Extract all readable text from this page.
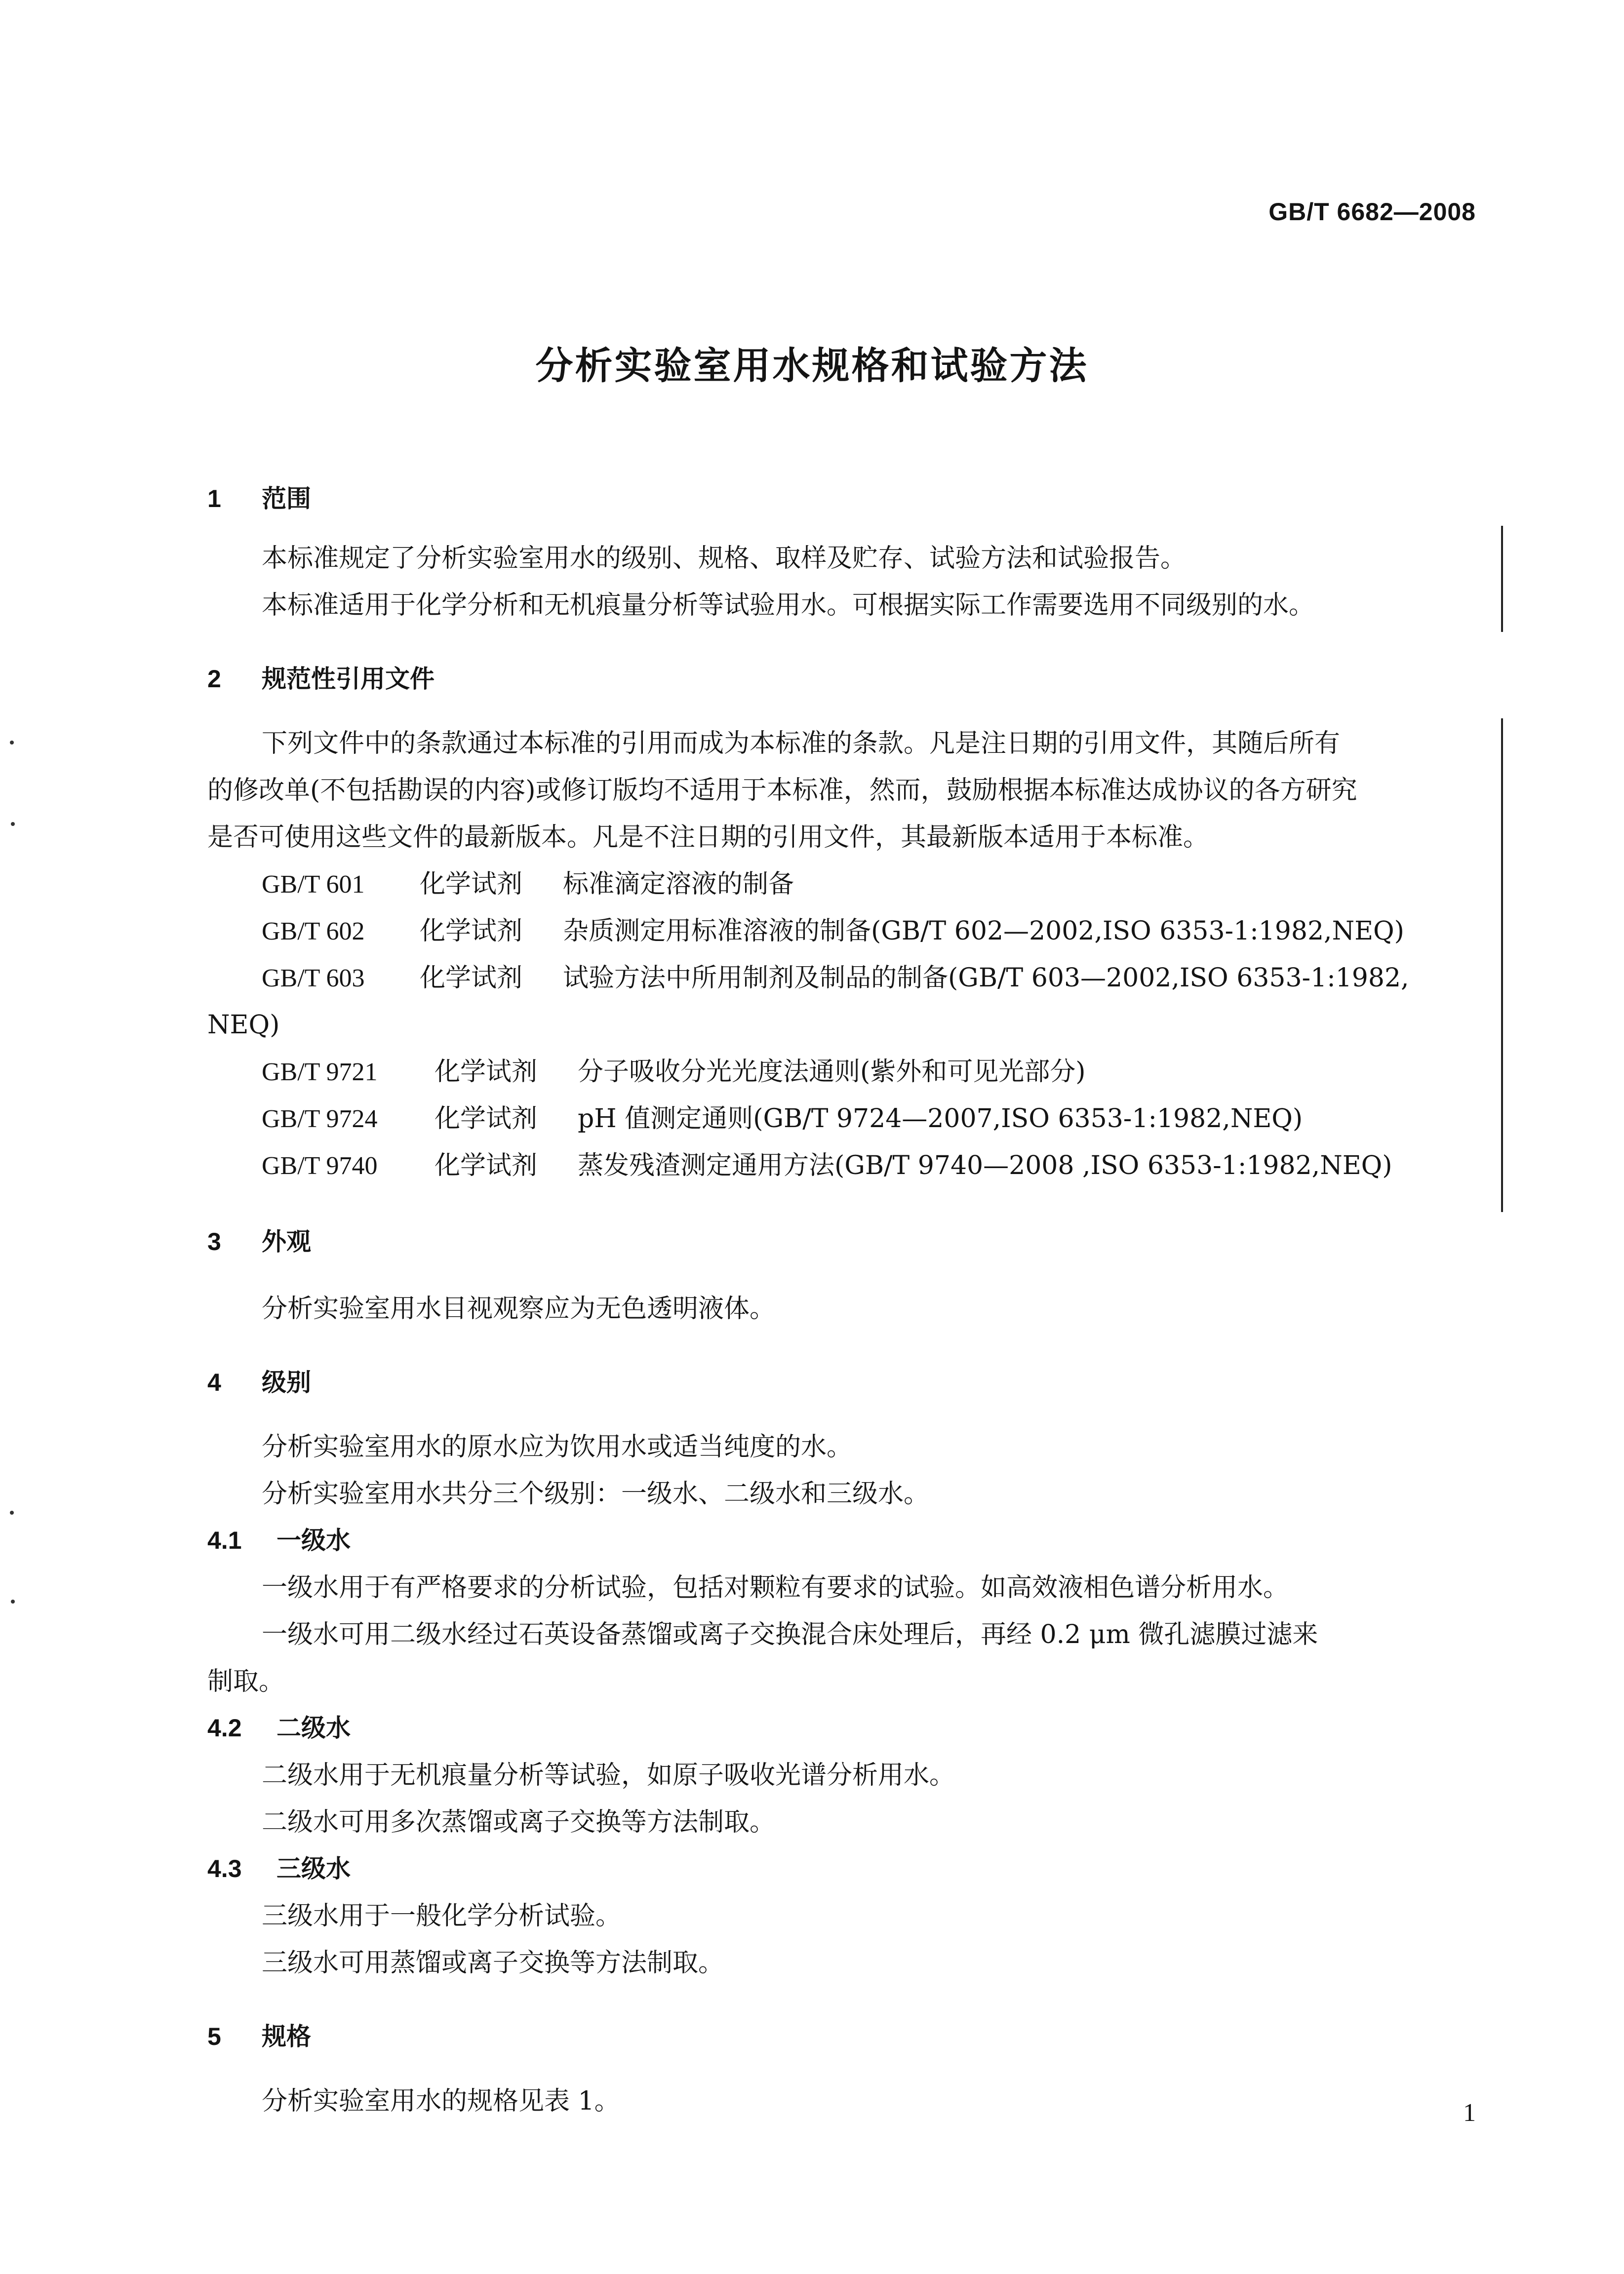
GB/T 6682—2008
分析实验室用水规格和试验方法
1 范围
本标准规定了分析实验室用水的级别、规格、取样及贮存、试验方法和试验报告。
本标准适用于化学分析和无机痕量分析等试验用水。可根据实际工作需要选用不同级别的水。
2 规范性引用文件
下列文件中的条款通过本标准的引用而成为本标准的条款。凡是注日期的引用文件，其随后所有
的修改单(不包括勘误的内容)或修订版均不适用于本标准，然而，鼓励根据本标准达成协议的各方研究
是否可使用这些文件的最新版本。凡是不注日期的引用文件，其最新版本适用于本标准。
GB/T 601 化学试剂 标准滴定溶液的制备
GB/T 602 化学试剂 杂质测定用标准溶液的制备(GB/T 602—2002,ISO 6353-1:1982,NEQ)
GB/T 603 化学试剂 试验方法中所用制剂及制品的制备(GB/T 603—2002,ISO 6353-1:1982,
NEQ)
GB/T 9721 化学试剂 分子吸收分光光度法通则(紫外和可见光部分)
GB/T 9724 化学试剂 pH 值测定通则(GB/T 9724—2007,ISO 6353-1:1982,NEQ)
GB/T 9740 化学试剂 蒸发残渣测定通用方法(GB/T 9740—2008 ,ISO 6353-1:1982,NEQ)
3 外观
分析实验室用水目视观察应为无色透明液体。
4 级别
分析实验室用水的原水应为饮用水或适当纯度的水。
分析实验室用水共分三个级别：一级水、二级水和三级水。
4.1 一级水
一级水用于有严格要求的分析试验，包括对颗粒有要求的试验。如高效液相色谱分析用水。
一级水可用二级水经过石英设备蒸馏或离子交换混合床处理后，再经 0.2 μm 微孔滤膜过滤来
制取。
4.2 二级水
二级水用于无机痕量分析等试验，如原子吸收光谱分析用水。
二级水可用多次蒸馏或离子交换等方法制取。
4.3 三级水
三级水用于一般化学分析试验。
三级水可用蒸馏或离子交换等方法制取。
5 规格
分析实验室用水的规格见表 1。	1
